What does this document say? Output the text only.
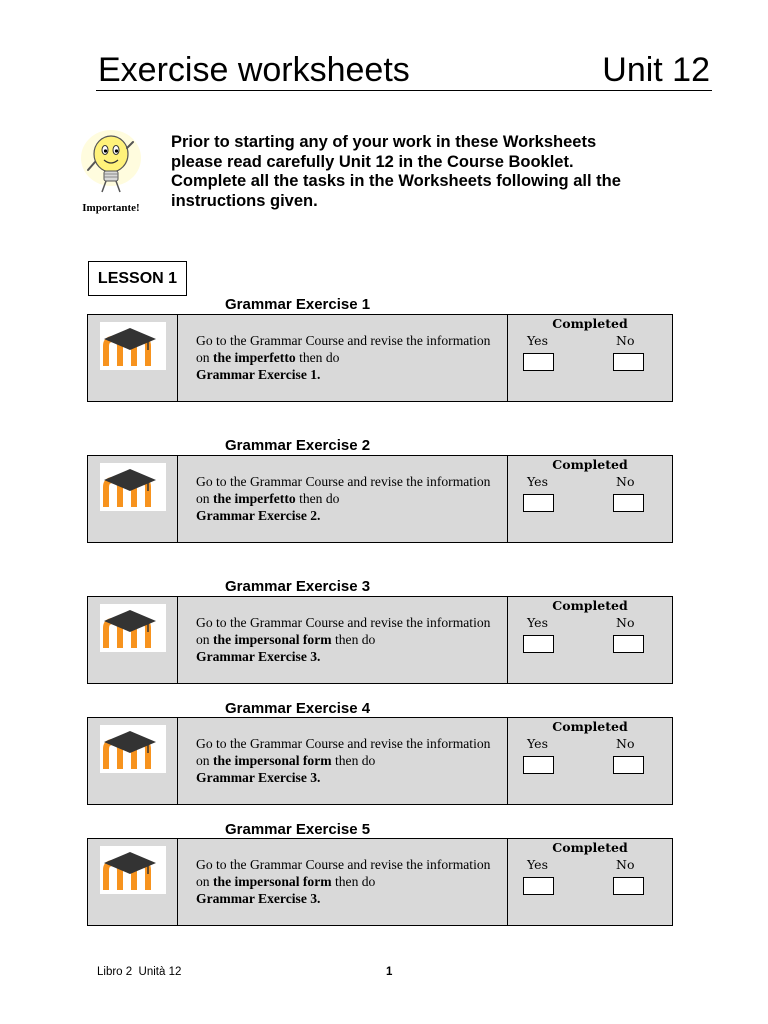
Exercise worksheets	Unit 12
Importante!
Prior to starting any of your work in these Worksheets
please read carefully Unit 12 in the Course Booklet.
Complete all the tasks in the Worksheets following all the
instructions given.
LESSON 1
Grammar Exercise 1
Go to the Grammar Course and revise the information on the imperfetto then do
Grammar Exercise 1.
Completed
Yes	No
Grammar Exercise 2
Go to the Grammar Course and revise the information on the imperfetto then do
Grammar Exercise 2.
Completed
Yes	No
Grammar Exercise 3
Go to the Grammar Course and revise the information on the impersonal form then do
Grammar Exercise 3.
Completed
Yes	No
Grammar Exercise 4
Go to the Grammar Course and revise the information on the impersonal form then do
Grammar Exercise 3.
Completed
Yes	No
Grammar Exercise 5
Go to the Grammar Course and revise the information on the impersonal form then do
Grammar Exercise 3.
Completed
Yes	No
Libro 2  Unità 12	1
